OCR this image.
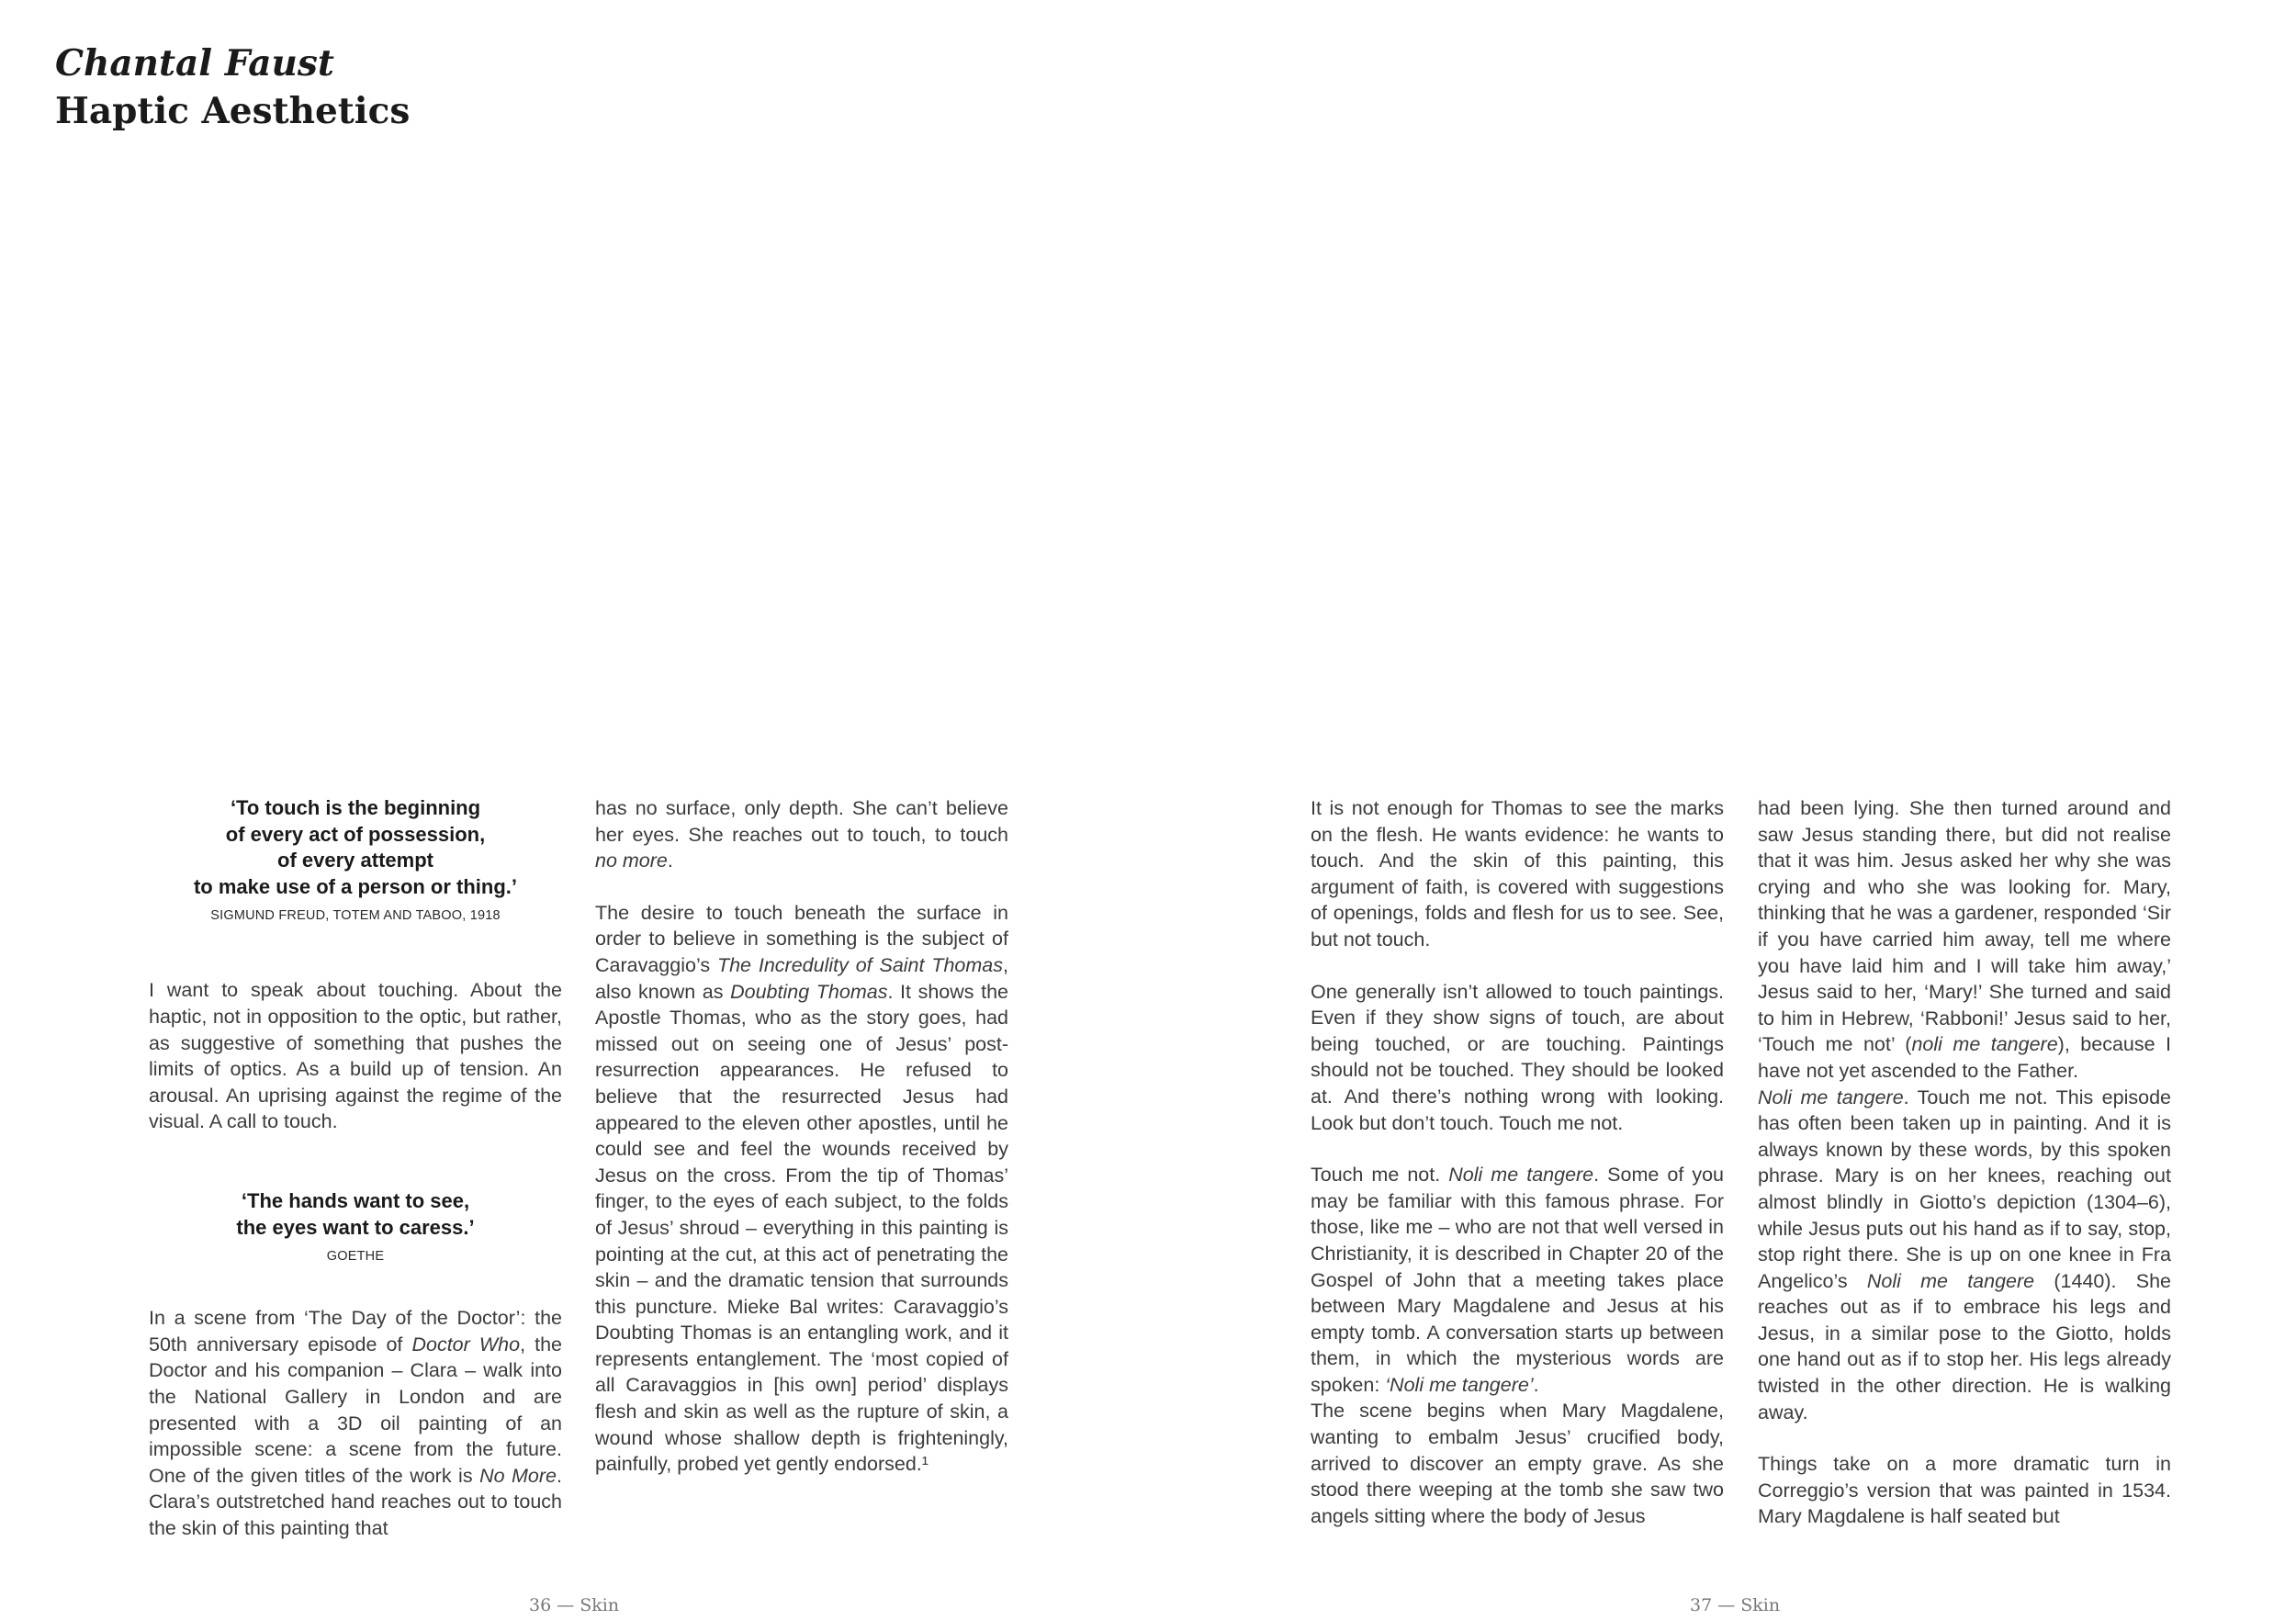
Chantal Faust
Haptic Aesthetics
‘To touch is the beginning
of every act of possession,
of every attempt
to make use of a person or thing.’
SIGMUND FREUD, TOTEM AND TABOO, 1918

I want to speak about touching. About the haptic, not in opposition to the optic, but rather, as suggestive of something that pushes the limits of optics. As a build up of tension. An arousal. An uprising against the regime of the visual. A call to touch.

‘The hands want to see,
the eyes want to caress.’
GOETHE

In a scene from ‘The Day of the Doctor’: the 50th anniversary episode of Doctor Who, the Doctor and his companion – Clara – walk into the National Gallery in London and are presented with a 3D oil painting of an impossible scene: a scene from the future. One of the given titles of the work is No More. Clara’s outstretched hand reaches out to touch the skin of this painting that

has no surface, only depth. She can’t believe her eyes. She reaches out to touch, to touch no more.

The desire to touch beneath the surface in order to believe in something is the subject of Caravaggio’s The Incredulity of Saint Thomas, also known as Doubting Thomas. It shows the Apostle Thomas, who as the story goes, had missed out on seeing one of Jesus’ post-resurrection appearances. He refused to believe that the resurrected Jesus had appeared to the eleven other apostles, until he could see and feel the wounds received by Jesus on the cross. From the tip of Thomas’ finger, to the eyes of each subject, to the folds of Jesus’ shroud – everything in this painting is pointing at the cut, at this act of penetrating the skin – and the dramatic tension that surrounds this puncture. Mieke Bal writes: Caravaggio’s Doubting Thomas is an entangling work, and it represents entanglement. The ‘most copied of all Caravaggios in [his own] period’ displays flesh and skin as well as the rupture of skin, a wound whose shallow depth is frighteningly, painfully, probed yet gently endorsed.¹

It is not enough for Thomas to see the marks on the flesh. He wants evidence: he wants to touch. And the skin of this painting, this argument of faith, is covered with suggestions of openings, folds and flesh for us to see. See, but not touch.

One generally isn’t allowed to touch paintings. Even if they show signs of touch, are about being touched, or are touching. Paintings should not be touched. They should be looked at. And there’s nothing wrong with looking. Look but don’t touch. Touch me not.

Touch me not. Noli me tangere. Some of you may be familiar with this famous phrase. For those, like me – who are not that well versed in Christianity, it is described in Chapter 20 of the Gospel of John that a meeting takes place between Mary Magdalene and Jesus at his empty tomb. A conversation starts up between them, in which the mysterious words are spoken: ‘Noli me tangere’.

The scene begins when Mary Magdalene, wanting to embalm Jesus’ crucified body, arrived to discover an empty grave. As she stood there weeping at the tomb she saw two angels sitting where the body of Jesus

had been lying. She then turned around and saw Jesus standing there, but did not realise that it was him. Jesus asked her why she was crying and who she was looking for. Mary, thinking that he was a gardener, responded ‘Sir if you have carried him away, tell me where you have laid him and I will take him away,’ Jesus said to her, ‘Mary!’ She turned and said to him in Hebrew, ‘Rabboni!’ Jesus said to her, ‘Touch me not’ (noli me tangere), because I have not yet ascended to the Father.

Noli me tangere. Touch me not. This episode has often been taken up in painting. And it is always known by these words, by this spoken phrase. Mary is on her knees, reaching out almost blindly in Giotto’s depiction (1304–6), while Jesus puts out his hand as if to say, stop, stop right there. She is up on one knee in Fra Angelico’s Noli me tangere (1440). She reaches out as if to embrace his legs and Jesus, in a similar pose to the Giotto, holds one hand out as if to stop her. His legs already twisted in the other direction. He is walking away.

Things take on a more dramatic turn in Correggio’s version that was painted in 1534. Mary Magdalene is half seated but

36 — Skin	37 — Skin
